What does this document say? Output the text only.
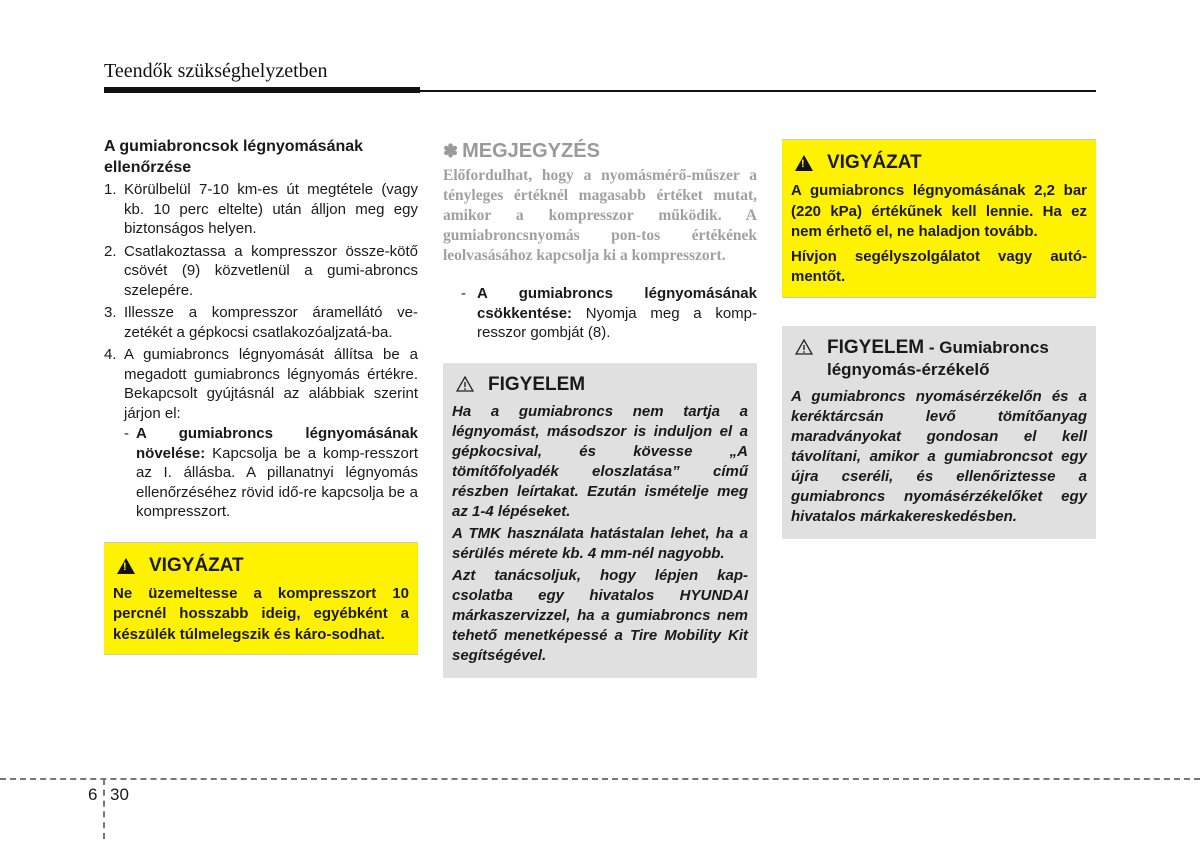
Teendők szükséghelyzetben
A gumiabroncsok légnyomásának ellenőrzése
1. Körülbelül 7-10 km-es út megtétele (vagy kb. 10 perc eltelte) után álljon meg egy biztonságos helyen.
2. Csatlakoztassa a kompresszor össze-kötő csövét (9) közvetlenül a gumi-abroncs szelepére.
3. Illessze a kompresszor áramellátó ve-zetékét a gépkocsi csatlakozóaljzatá-ba.
4. A gumiabroncs légnyomását állítsa be a megadott gumiabroncs légnyomás értékre. Bekapcsolt gyújtásnál az alábbiak szerint járjon el:
- A gumiabroncs légnyomásának növelése: Kapcsolja be a komp-resszort az I. állásba. A pillanatnyi légnyomás ellenőrzéséhez rövid idő-re kapcsolja be a kompresszort.
!
VIGYÁZAT

Ne üzemeltesse a kompresszort 10 percnél hosszabb ideig, egyébként a készülék túlmelegszik és káro-sodhat.

✽ MEGJEGYZÉS
Előfordulhat, hogy a nyomásmérő-műszer a tényleges értéknél magasabb értéket mutat, amikor a kompresszor működik. A gumiabroncsnyomás pon-tos értékének leolvasásához kapcsolja ki a kompresszort.
- A gumiabroncs légnyomásának csökkentése: Nyomja meg a komp-resszor gombját (8).
FIGYELEM

Ha a gumiabroncs nem tartja a légnyomást, másodszor is induljon el a gépkocsival, és kövesse „A tömítőfolyadék eloszlatása” című részben leírtakat. Ezután ismételje meg az 1-4 lépéseket.

A TMK használata hatástalan lehet, ha a sérülés mérete kb. 4 mm-nél nagyobb.

Azt tanácsoljuk, hogy lépjen kap-csolatba egy hivatalos HYUNDAI márkaszervizzel, ha a gumiabroncs nem tehető menetképessé a Tire Mobility Kit segítségével.

!
VIGYÁZAT

A gumiabroncs légnyomásának 2,2 bar (220 kPa) értékűnek kell lennie. Ha ez nem érhető el, ne haladjon tovább.

Hívjon segélyszolgálatot vagy autó-mentőt.

FIGYELEM - Gumiabroncs légnyomás-érzékelő

A gumiabroncs nyomásérzékelőn és a keréktárcsán levő tömítőanyag maradványokat gondosan el kell távolítani, amikor a gumiabroncsot egy újra cseréli, és ellenőriztesse a gumiabroncs nyomásérzékelőket egy hivatalos márkakereskedésben.

6 30
